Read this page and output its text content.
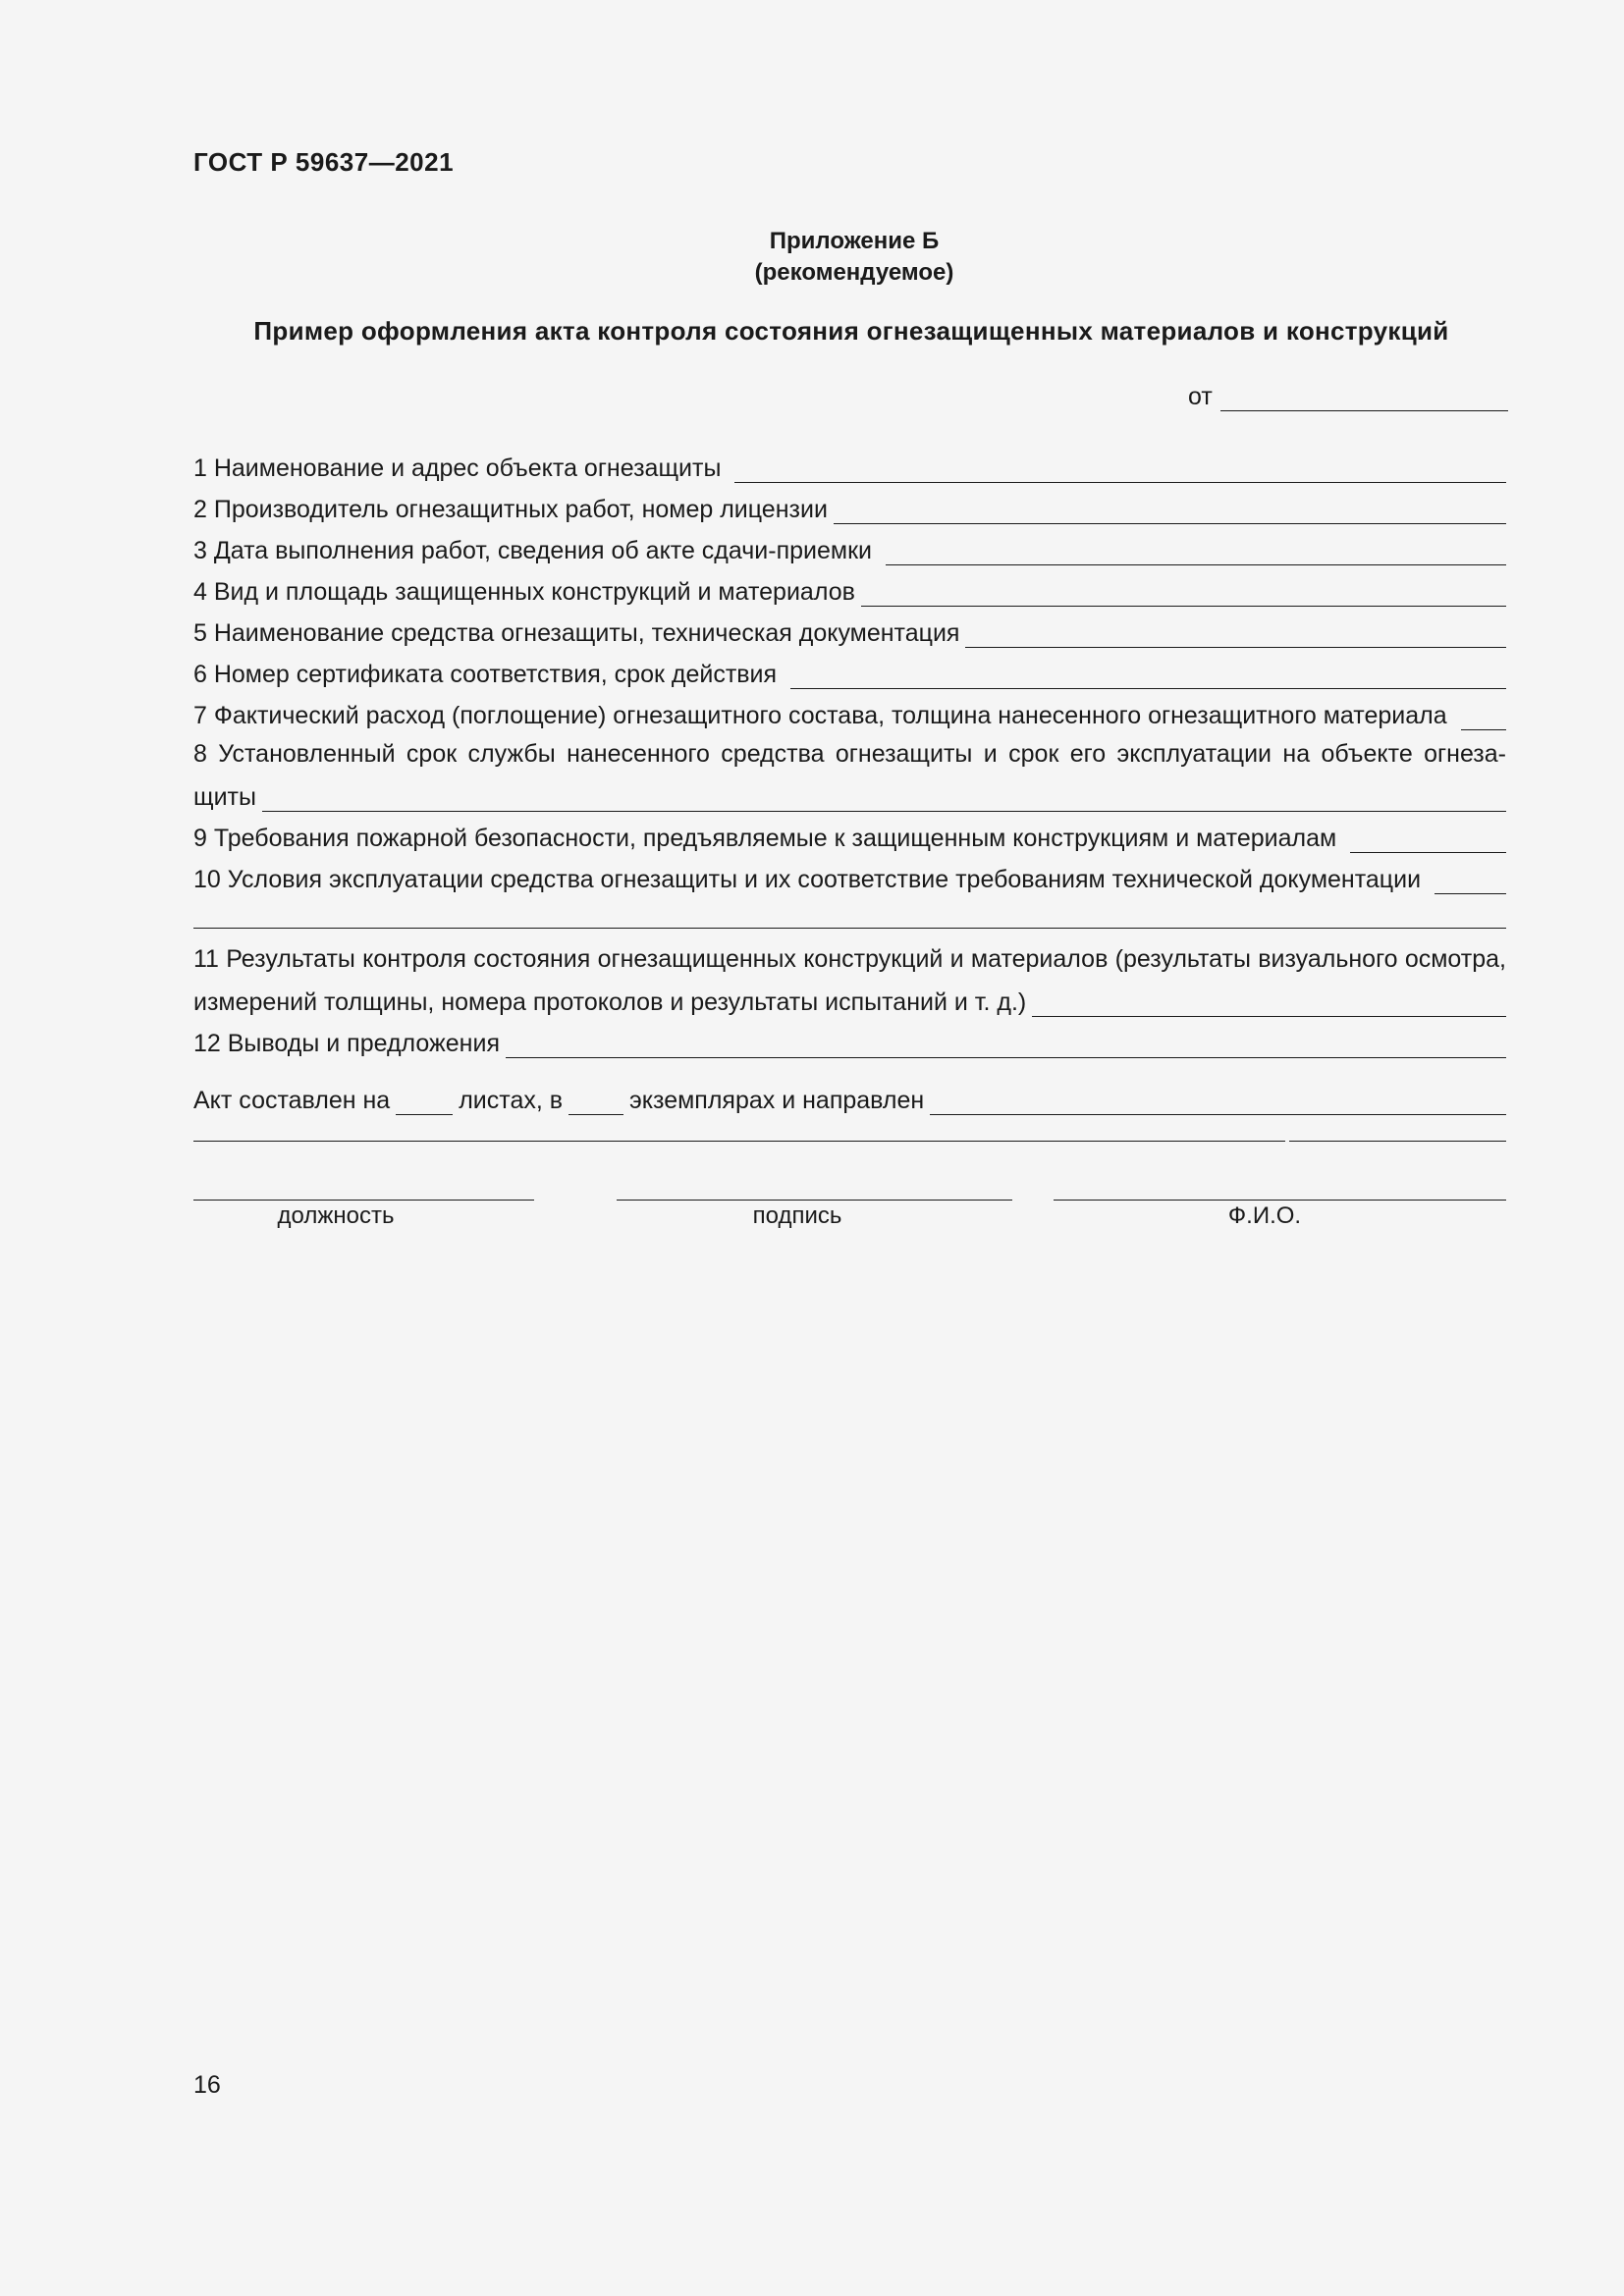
ГОСТ Р 59637—2021
Приложение Б
(рекомендуемое)
Пример оформления акта контроля состояния огнезащищенных материалов и конструкций
от
1 Наименование и адрес объекта огнезащиты
2 Производитель огнезащитных работ, номер лицензии
3 Дата выполнения работ, сведения об акте сдачи-приемки
4 Вид и площадь защищенных конструкций и материалов
5 Наименование средства огнезащиты, техническая документация
6 Номер сертификата соответствия, срок действия
7 Фактический расход (поглощение) огнезащитного состава, толщина нанесенного огнезащитного материала
8 Установленный срок службы нанесенного средства огнезащиты и срок его эксплуатации на объекте огнеза-
щиты
9 Требования пожарной безопасности, предъявляемые к защищенным конструкциям и материалам
10 Условия эксплуатации средства огнезащиты и их соответствие требованиям технической документации
11 Результаты контроля состояния огнезащищенных конструкций и материалов (результаты визуального осмотра,
измерений толщины, номера протоколов и результаты испытаний и т. д.)
12 Выводы и предложения
Акт составлен на	листах, в	экземплярах и направлен
должность	подпись	Ф.И.О.
16
